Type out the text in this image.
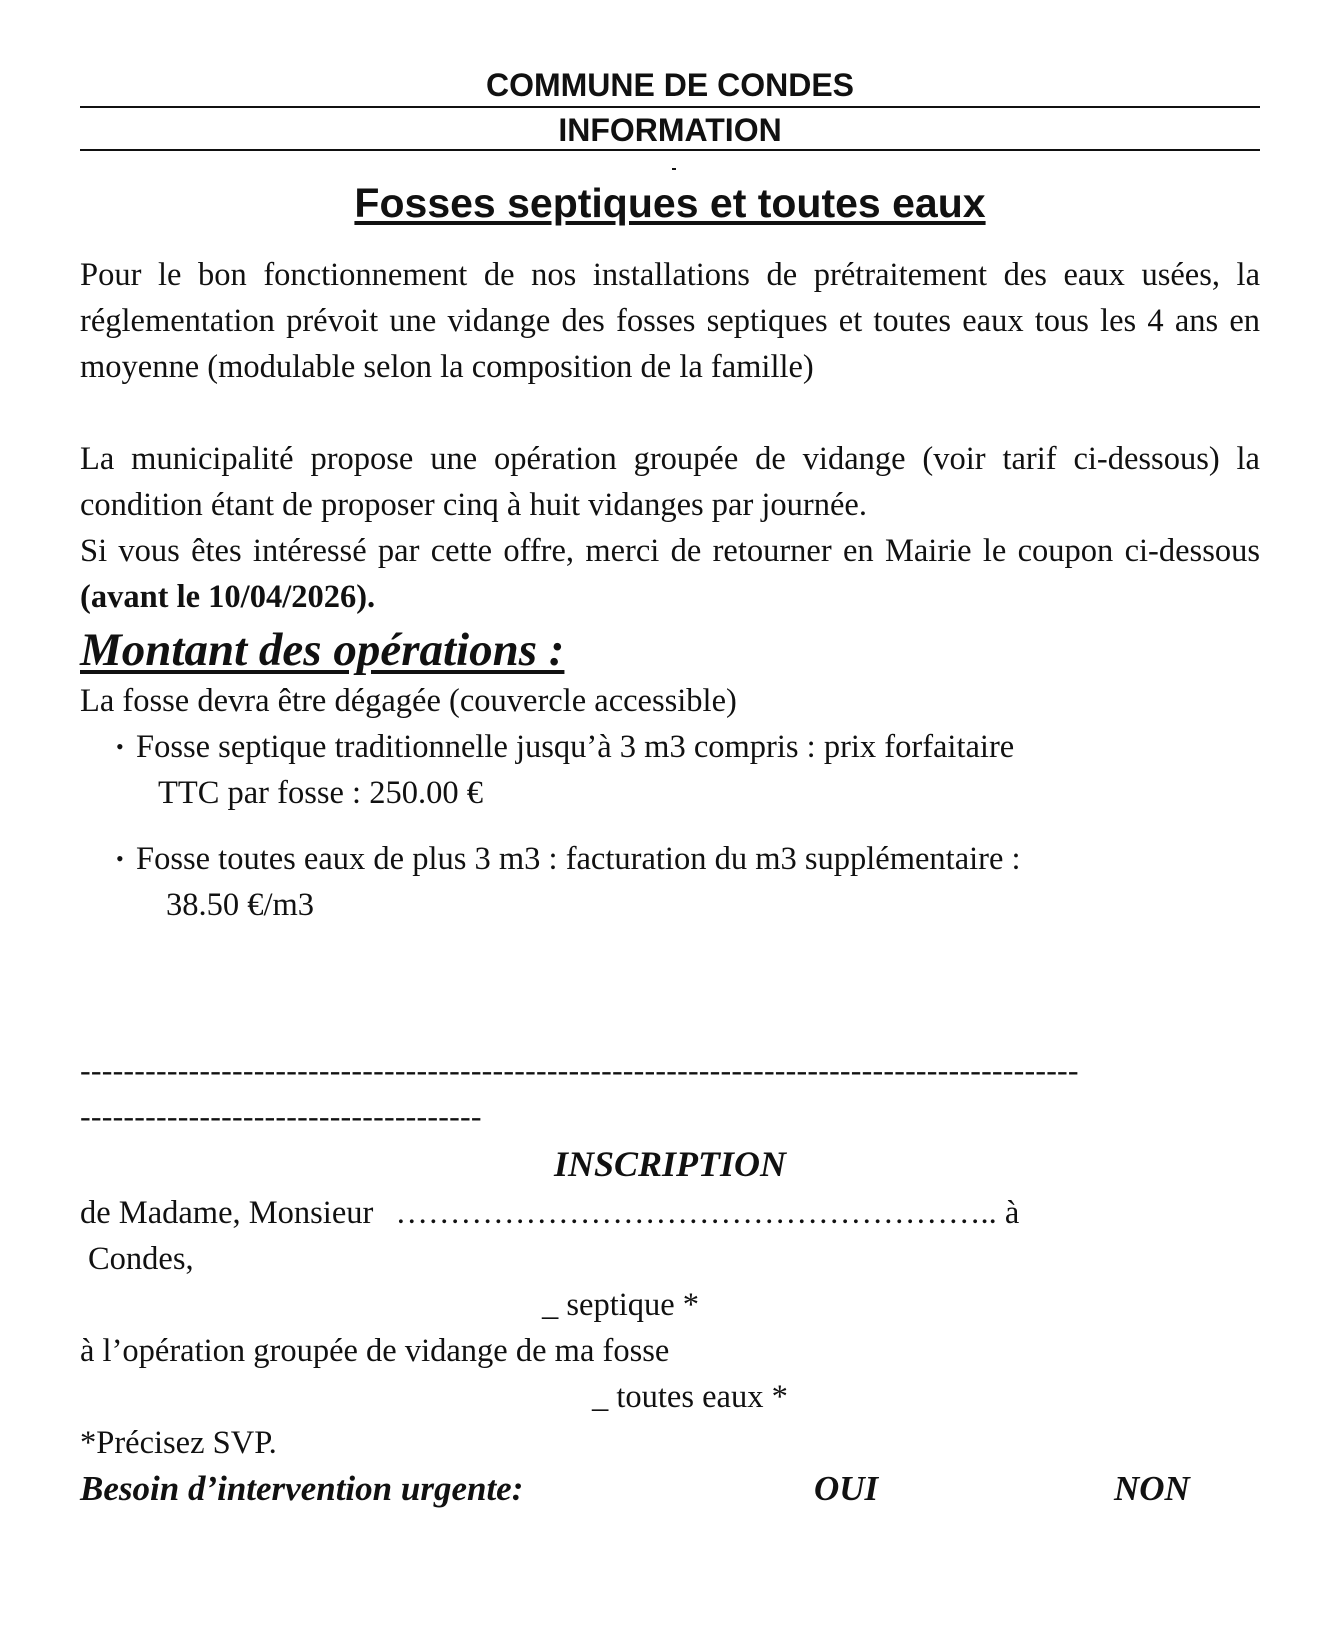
COMMUNE DE CONDES
INFORMATION
Fosses septiques et toutes eaux
Pour le bon fonctionnement de nos installations de prétraitement des eaux usées, la réglementation prévoit une vidange des fosses septiques et toutes eaux tous les 4 ans en moyenne (modulable selon la composition de la famille)
La municipalité propose une opération groupée de vidange (voir tarif ci-dessous) la condition étant de proposer cinq à huit vidanges par journée.
Si vous êtes intéressé par cette offre, merci de retourner en Mairie le coupon ci-dessous (avant le 10/04/2026).
Montant des opérations :
La fosse devra être dégagée (couvercle accessible)
• Fosse septique traditionnelle jusqu’à 3 m3 compris : prix forfaitaire
TTC par fosse : 250.00 €
• Fosse toutes eaux de plus 3 m3 : facturation du m3 supplémentaire :
38.50 €/m3
--------------------------------------------------------------------------------------------
-------------------------------------
INSCRIPTION
de Madame, Monsieur ……………………………………………….. à
Condes,
_ septique *
à l’opération groupée de vidange de ma fosse
_ toutes eaux *
*Précisez SVP.
Besoin d’intervention urgente:	OUI	NON
